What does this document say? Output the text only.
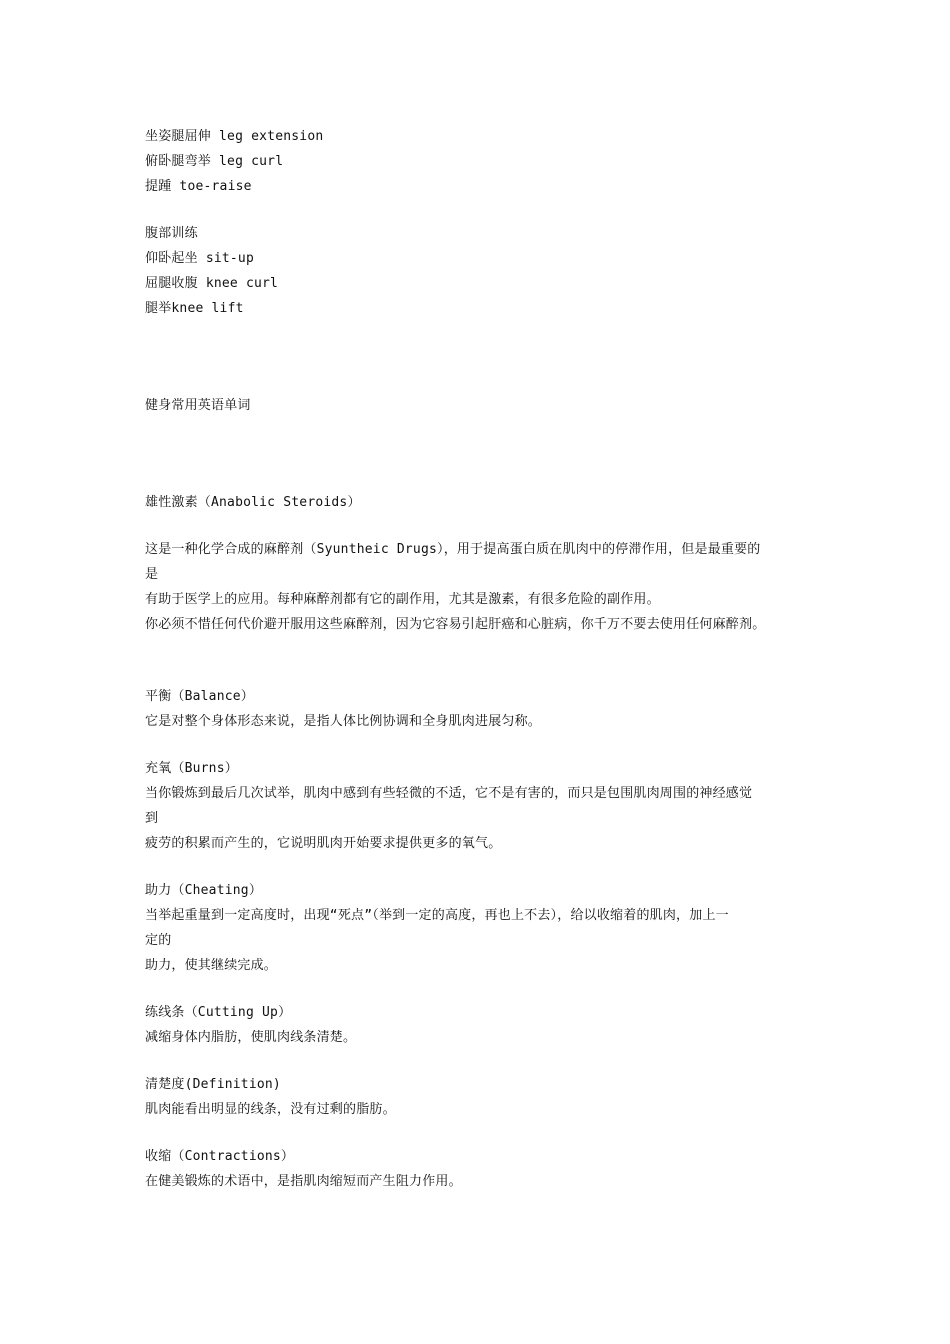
坐姿腿屈伸 leg extension
俯卧腿弯举 leg curl
提踵 toe-raise
腹部训练
仰卧起坐 sit-up
屈腿收腹 knee curl
腿举knee lift
健身常用英语单词
雄性激素（Anabolic Steroids）
这是一种化学合成的麻醉剂（Syuntheic Drugs），用于提高蛋白质在肌肉中的停滞作用，但是最重要的
是
有助于医学上的应用。每种麻醉剂都有它的副作用，尤其是激素，有很多危险的副作用。
你必须不惜任何代价避开服用这些麻醉剂，因为它容易引起肝癌和心脏病，你千万不要去使用任何麻醉剂。
平衡（Balance）
它是对整个身体形态来说，是指人体比例协调和全身肌肉进展匀称。
充氧（Burns）
当你锻炼到最后几次试举，肌肉中感到有些轻微的不适，它不是有害的，而只是包围肌肉周围的神经感觉
到
疲劳的积累而产生的，它说明肌肉开始要求提供更多的氧气。
助力（Cheating）
当举起重量到一定高度时，出现“死点”（举到一定的高度，再也上不去），给以收缩着的肌肉，加上一
定的
助力，使其继续完成。
练线条（Cutting Up）
减缩身体内脂肪，使肌肉线条清楚。
清楚度(Definition)
肌肉能看出明显的线条，没有过剩的脂肪。
收缩（Contractions）
在健美锻炼的术语中，是指肌肉缩短而产生阻力作用。
